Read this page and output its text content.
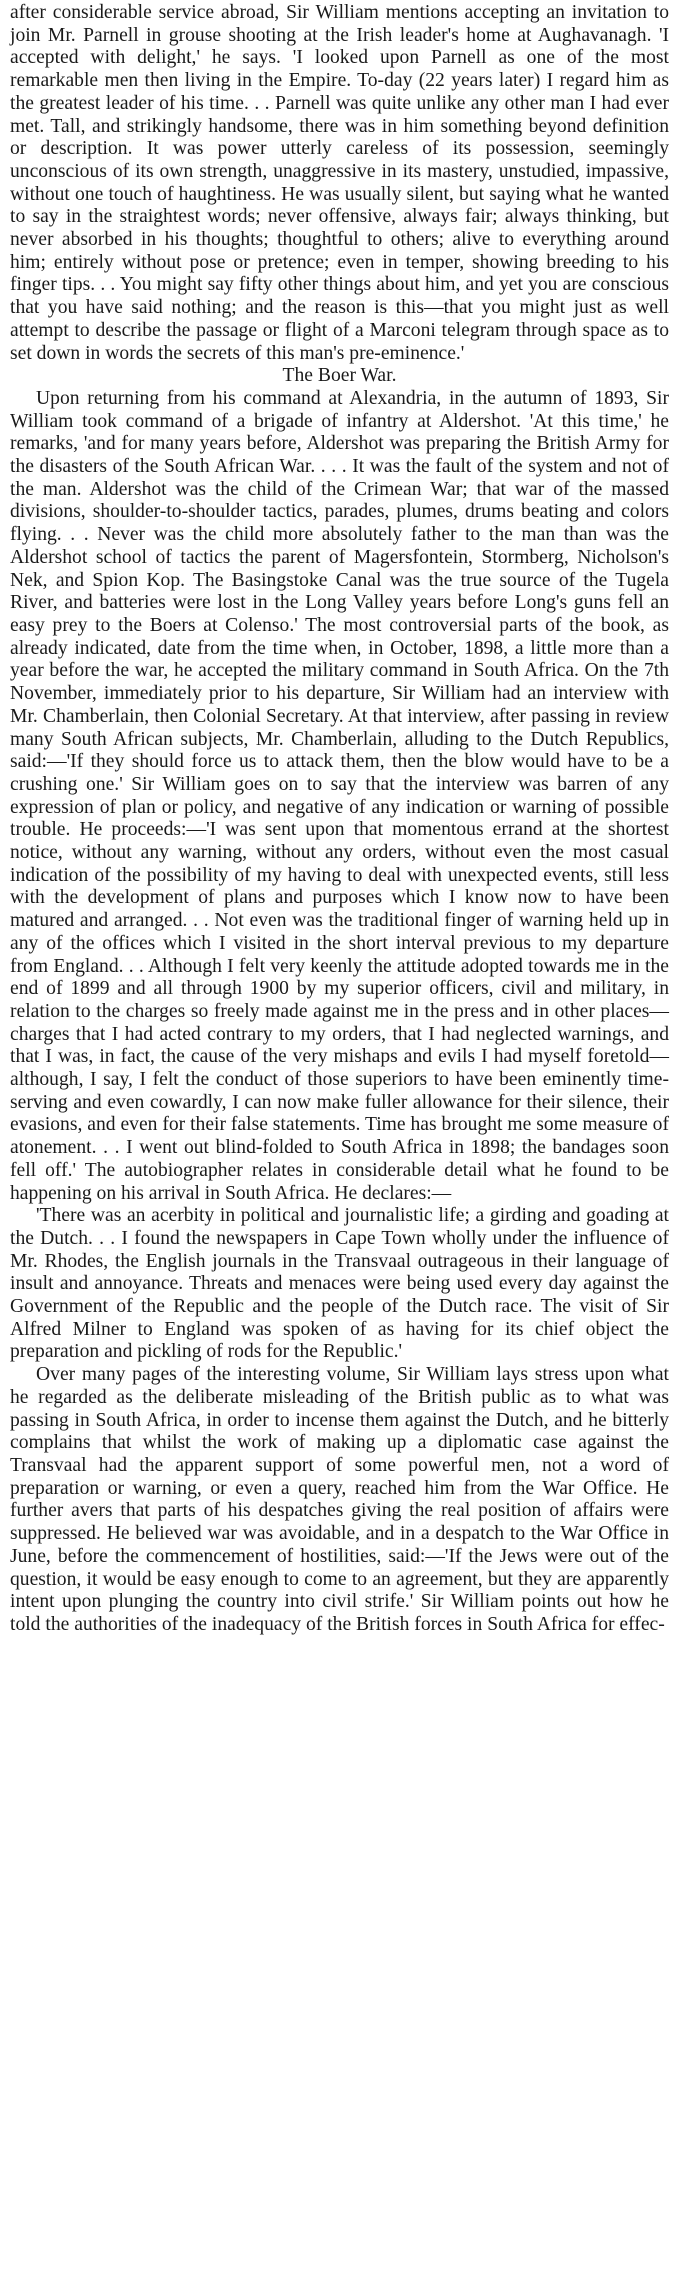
after considerable service abroad, Sir William mentions accepting an invitation to join Mr. Parnell in grouse shooting at the Irish leader's home at Aughavanagh. 'I accepted with delight,' he says. 'I looked upon Parnell as one of the most remarkable men then living in the Empire. To-day (22 years later) I regard him as the greatest leader of his time. . . Parnell was quite unlike any other man I had ever met. Tall, and strikingly handsome, there was in him something beyond definition or description. It was power utterly careless of its possession, seemingly unconscious of its own strength, unaggressive in its mastery, unstudied, impassive, without one touch of haughtiness. He was usually silent, but saying what he wanted to say in the straightest words; never offensive, always fair; always thinking, but never absorbed in his thoughts; thoughtful to others; alive to everything around him; entirely without pose or pretence; even in temper, showing breeding to his finger tips. . . You might say fifty other things about him, and yet you are conscious that you have said nothing; and the reason is this—that you might just as well attempt to describe the passage or flight of a Marconi telegram through space as to set down in words the secrets of this man's pre-eminence.'

The Boer War.

Upon returning from his command at Alexandria, in the autumn of 1893, Sir William took command of a brigade of infantry at Aldershot. 'At this time,' he remarks, 'and for many years before, Aldershot was preparing the British Army for the disasters of the South African War. . . . It was the fault of the system and not of the man. Aldershot was the child of the Crimean War; that war of the massed divisions, shoulder-to-shoulder tactics, parades, plumes, drums beating and colors flying. . . Never was the child more absolutely father to the man than was the Aldershot school of tactics the parent of Magersfontein, Stormberg, Nicholson's Nek, and Spion Kop. The Basingstoke Canal was the true source of the Tugela River, and batteries were lost in the Long Valley years before Long's guns fell an easy prey to the Boers at Colenso.' The most controversial parts of the book, as already indicated, date from the time when, in October, 1898, a little more than a year before the war, he accepted the military command in South Africa. On the 7th November, immediately prior to his departure, Sir William had an interview with Mr. Chamberlain, then Colonial Secretary. At that interview, after passing in review many South African subjects, Mr. Chamberlain, alluding to the Dutch Republics, said:—'If they should force us to attack them, then the blow would have to be a crushing one.' Sir William goes on to say that the interview was barren of any expression of plan or policy, and negative of any indication or warning of possible trouble. He proceeds:—'I was sent upon that momentous errand at the shortest notice, without any warning, without any orders, without even the most casual indication of the possibility of my having to deal with unexpected events, still less with the development of plans and purposes which I know now to have been matured and arranged. . . Not even was the traditional finger of warning held up in any of the offices which I visited in the short interval previous to my departure from England. . . Although I felt very keenly the attitude adopted towards me in the end of 1899 and all through 1900 by my superior officers, civil and military, in relation to the charges so freely made against me in the press and in other places—charges that I had acted contrary to my orders, that I had neglected warnings, and that I was, in fact, the cause of the very mishaps and evils I had myself foretold—although, I say, I felt the conduct of those superiors to have been eminently time-serving and even cowardly, I can now make fuller allowance for their silence, their evasions, and even for their false statements. Time has brought me some measure of atonement. . . I went out blind-folded to South Africa in 1898; the bandages soon fell off.' The autobiographer relates in considerable detail what he found to be happening on his arrival in South Africa. He declares:—

'There was an acerbity in political and journalistic life; a girding and goading at the Dutch. . . I found the newspapers in Cape Town wholly under the influence of Mr. Rhodes, the English journals in the Transvaal outrageous in their language of insult and annoyance. Threats and menaces were being used every day against the Government of the Republic and the people of the Dutch race. The visit of Sir Alfred Milner to England was spoken of as having for its chief object the preparation and pickling of rods for the Republic.'

Over many pages of the interesting volume, Sir William lays stress upon what he regarded as the deliberate misleading of the British public as to what was passing in South Africa, in order to incense them against the Dutch, and he bitterly complains that whilst the work of making up a diplomatic case against the Transvaal had the apparent support of some powerful men, not a word of preparation or warning, or even a query, reached him from the War Office. He further avers that parts of his despatches giving the real position of affairs were suppressed. He believed war was avoidable, and in a despatch to the War Office in June, before the commencement of hostilities, said:—'If the Jews were out of the question, it would be easy enough to come to an agreement, but they are apparently intent upon plunging the country into civil strife.' Sir William points out how he told the authorities of the inadequacy of the British forces in South Africa for effec-
